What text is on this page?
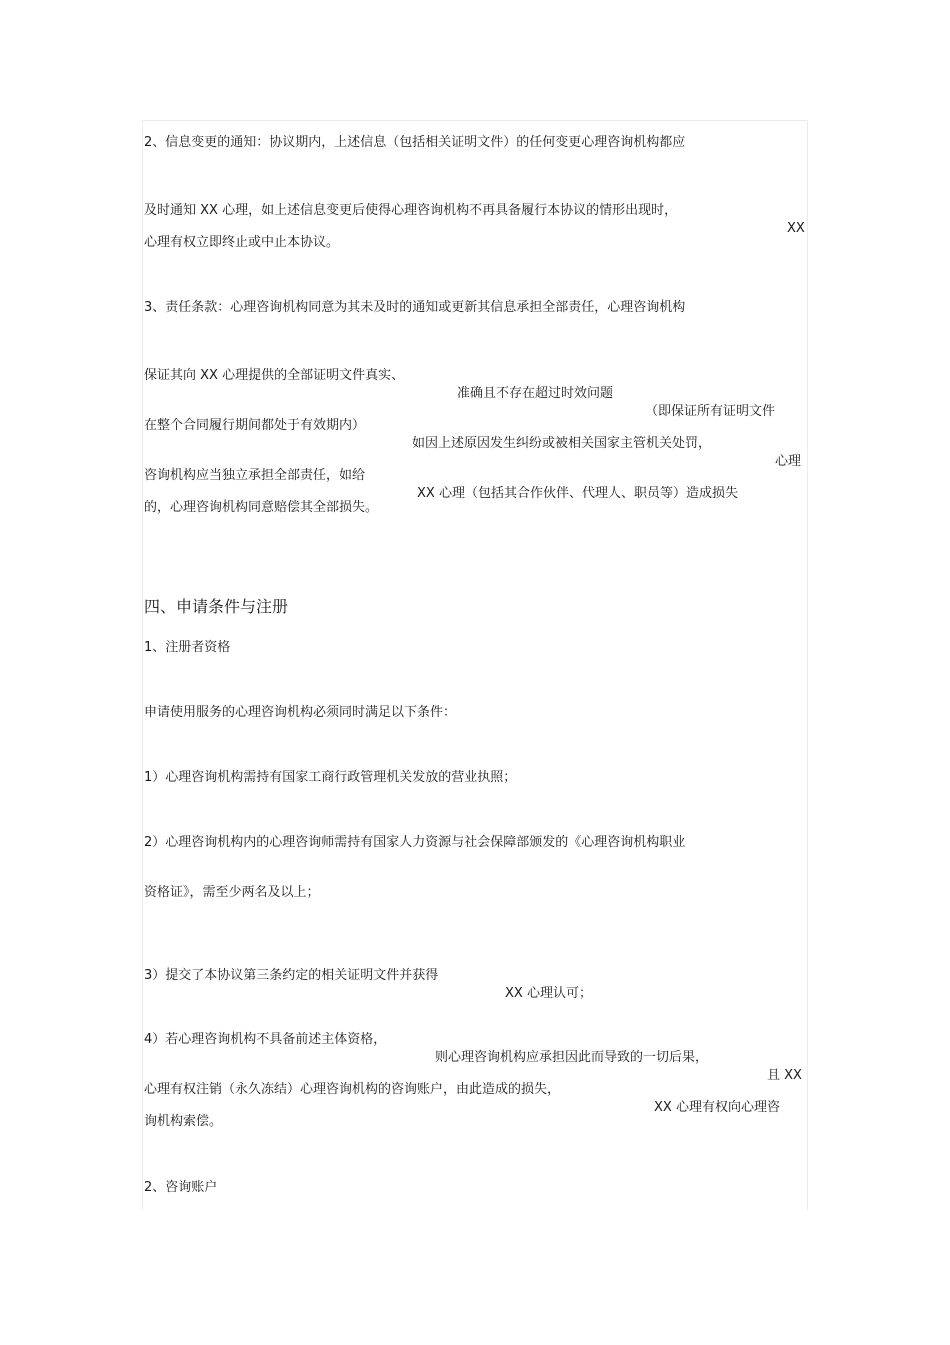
2、信息变更的通知：协议期内，上述信息（包括相关证明文件）的任何变更心理咨询机构都应

及时通知 XX 心理，如上述信息变更后使得心理咨询机构不再具备履行本协议的情形出现时，

XX

心理有权立即终止或中止本协议。
3、责任条款：心理咨询机构同意为其未及时的通知或更新其信息承担全部责任，心理咨询机构

保证其向 XX 心理提供的全部证明文件真实、

准确且不存在超过时效问题

（即保证所有证明文件

在整个合同履行期间都处于有效期内）

如因上述原因发生纠纷或被相关国家主管机关处罚，

心理

咨询机构应当独立承担全部责任，如给

XX 心理（包括其合作伙伴、代理人、职员等）造成损失

的，心理咨询机构同意赔偿其全部损失。
四、申请条件与注册
1、注册者资格
申请使用服务的心理咨询机构必须同时满足以下条件：
1）心理咨询机构需持有国家工商行政管理机关发放的营业执照；
2）心理咨询机构内的心理咨询师需持有国家人力资源与社会保障部颁发的《心理咨询机构职业
资格证》，需至少两名及以上；

3）提交了本协议第三条约定的相关证明文件并获得

XX 心理认可；

4）若心理咨询机构不具备前述主体资格，

则心理咨询机构应承担因此而导致的一切后果，

且 XX

心理有权注销（永久冻结）心理咨询机构的咨询账户，由此造成的损失，

XX 心理有权向心理咨

询机构索偿。
2、咨询账户
